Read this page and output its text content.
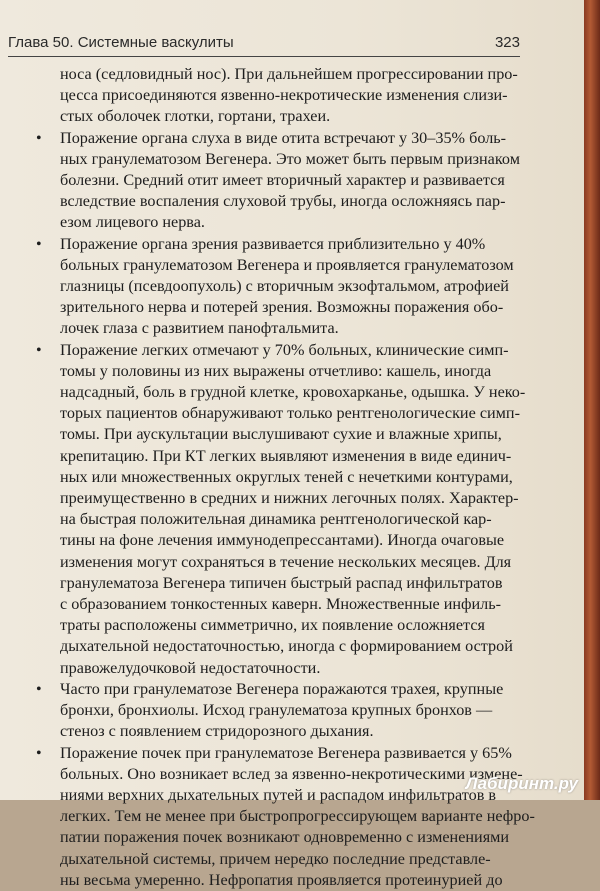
Глава 50. Системные васкулиты	323

носа (седловидный нос). При дальнейшем прогрессировании про-
цесса присоединяются язвенно-некротические изменения слизи-
стых оболочек глотки, гортани, трахеи.

• Поражение органа слуха в виде отита встречают у 30–35% боль-
ных гранулематозом Вегенера. Это может быть первым признаком
болезни. Средний отит имеет вторичный характер и развивается
вследствие воспаления слуховой трубы, иногда осложняясь пар-
езом лицевого нерва.

• Поражение органа зрения развивается приблизительно у 40%
больных гранулематозом Вегенера и проявляется гранулематозом
глазницы (псевдоопухоль) с вторичным экзофтальмом, атрофией
зрительного нерва и потерей зрения. Возможны поражения обо-
лочек глаза с развитием панофтальмита.

• Поражение легких отмечают у 70% больных, клинические симп-
томы у половины из них выражены отчетливо: кашель, иногда
надсадный, боль в грудной клетке, кровохарканье, одышка. У неко-
торых пациентов обнаруживают только рентгенологические симп-
томы. При аускультации выслушивают сухие и влажные хрипы,
крепитацию. При КТ легких выявляют изменения в виде единич-
ных или множественных округлых теней с нечеткими контурами,
преимущественно в средних и нижних легочных полях. Характер-
на быстрая положительная динамика рентгенологической кар-
тины на фоне лечения иммунодепрессантами). Иногда очаговые
изменения могут сохраняться в течение нескольких месяцев. Для
гранулематоза Вегенера типичен быстрый распад инфильтратов
с образованием тонкостенных каверн. Множественные инфиль-
траты расположены симметрично, их появление осложняется
дыхательной недостаточностью, иногда с формированием острой
правожелудочковой недостаточности.

• Часто при гранулематозе Вегенера поражаются трахея, крупные
бронхи, бронхиолы. Исход гранулематоза крупных бронхов —
стеноз с появлением стридорозного дыхания.

• Поражение почек при гранулематозе Вегенера развивается у 65%
больных. Оно возникает вслед за язвенно-некротическими измене-
ниями верхних дыхательных путей и распадом инфильтратов в
легких. Тем не менее при быстропрогрессирующем варианте нефро-
патии поражения почек возникают одновременно с изменениями
дыхательной системы, причем нередко последние представле-
ны весьма умеренно. Нефропатия проявляется протеинурией до

Лабиринт.ру
